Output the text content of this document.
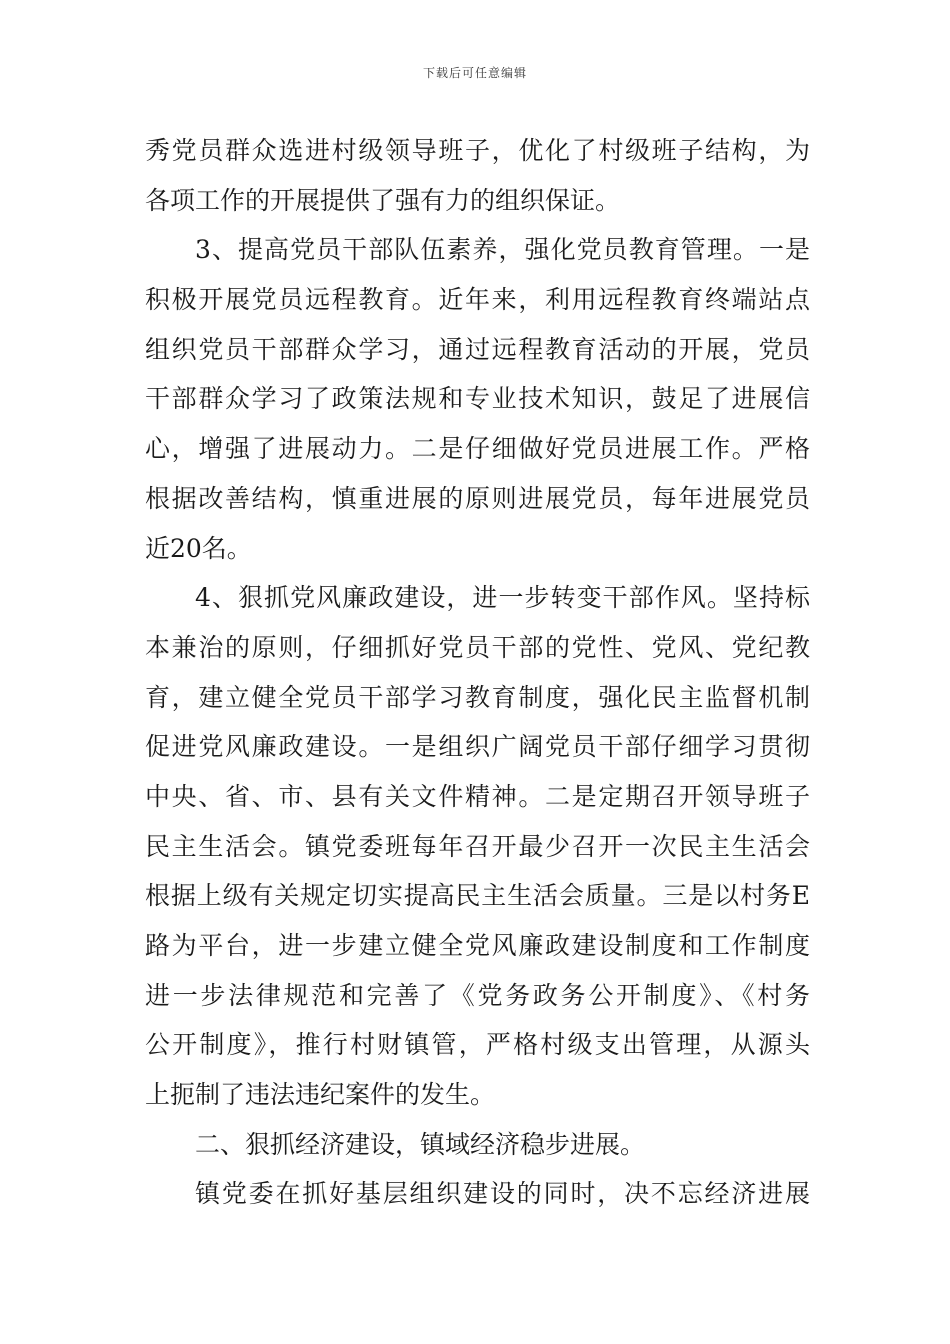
下载后可任意编辑
秀党员群众选进村级领导班子，优化了村级班子结构，为
各项工作的开展提供了强有力的组织保证。
3、提高党员干部队伍素养，强化党员教育管理。一是
积极开展党员远程教育。近年来，利用远程教育终端站点
组织党员干部群众学习，通过远程教育活动的开展，党员
干部群众学习了政策法规和专业技术知识，鼓足了进展信
心，增强了进展动力。二是仔细做好党员进展工作。严格
根据改善结构，慎重进展的原则进展党员，每年进展党员
近20名。
4、狠抓党风廉政建设，进一步转变干部作风。坚持标
本兼治的原则，仔细抓好党员干部的党性、党风、党纪教
育，建立健全党员干部学习教育制度，强化民主监督机制
促进党风廉政建设。一是组织广阔党员干部仔细学习贯彻
中央、省、市、县有关文件精神。二是定期召开领导班子
民主生活会。镇党委班每年召开最少召开一次民主生活会
根据上级有关规定切实提高民主生活会质量。三是以村务E
路为平台，进一步建立健全党风廉政建设制度和工作制度
进一步法律规范和完善了《党务政务公开制度》、《村务
公开制度》，推行村财镇管，严格村级支出管理，从源头
上扼制了违法违纪案件的发生。
二、狠抓经济建设，镇域经济稳步进展。
镇党委在抓好基层组织建设的同时，决不忘经济进展
